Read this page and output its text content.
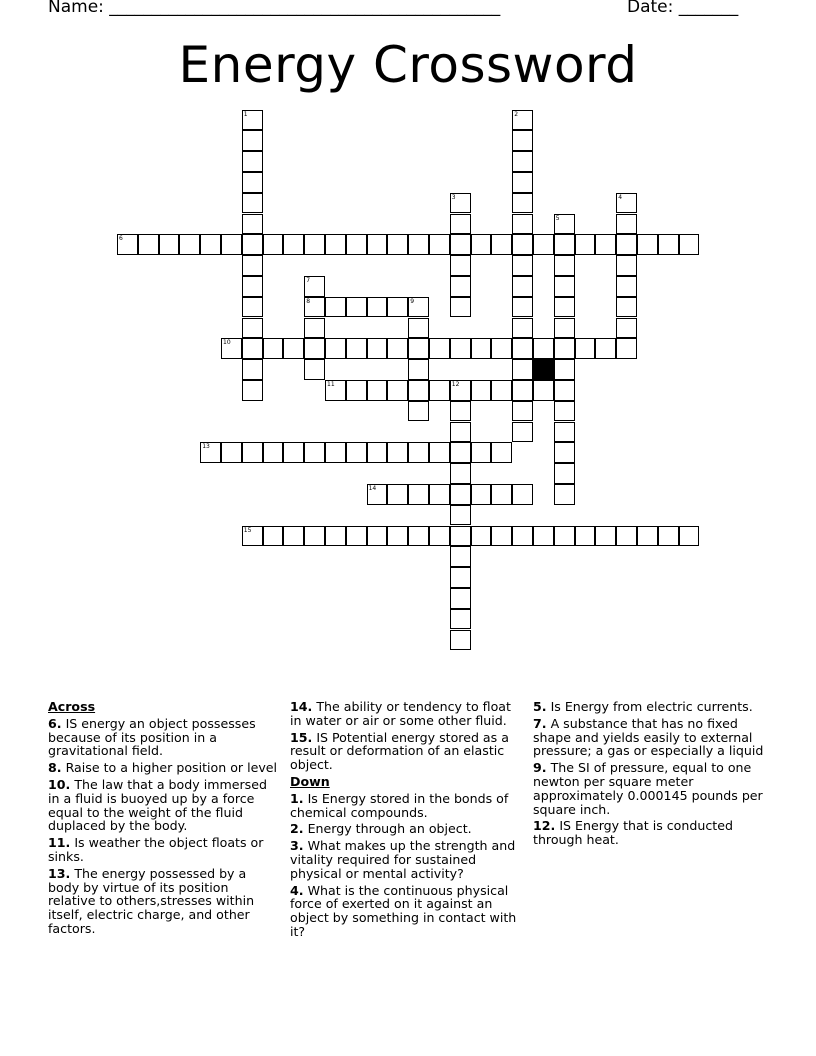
Name: ______________________________________________	Date: _______
Energy Crossword
1	2
3	4
5
6
7
8	9
10
11	12
13
14
15
Across
6. IS energy an object possesses because of its position in a gravitational field.
8. Raise to a higher position or level
10. The law that a body immersed in a fluid is buoyed up by a force equal to the weight of the fluid duplaced by the body.
11. Is weather the object floats or sinks.
13. The energy possessed by a body by virtue of its position relative to others,stresses within itself, electric charge, and other factors.
14. The ability or tendency to float in water or air or some other fluid.
15. IS Potential energy stored as a result or deformation of an elastic object.
Down
1. Is Energy stored in the bonds of chemical compounds.
2. Energy through an object.
3. What makes up the strength and vitality required for sustained physical or mental activity?
4. What is the continuous physical force of exerted on it against an object by something in contact with it?
5. Is Energy from electric currents.
7. A substance that has no fixed shape and yields easily to external pressure; a gas or especially a liquid
9. The SI of pressure, equal to one newton per square meter approximately 0.000145 pounds per square inch.
12. IS Energy that is conducted through heat.
